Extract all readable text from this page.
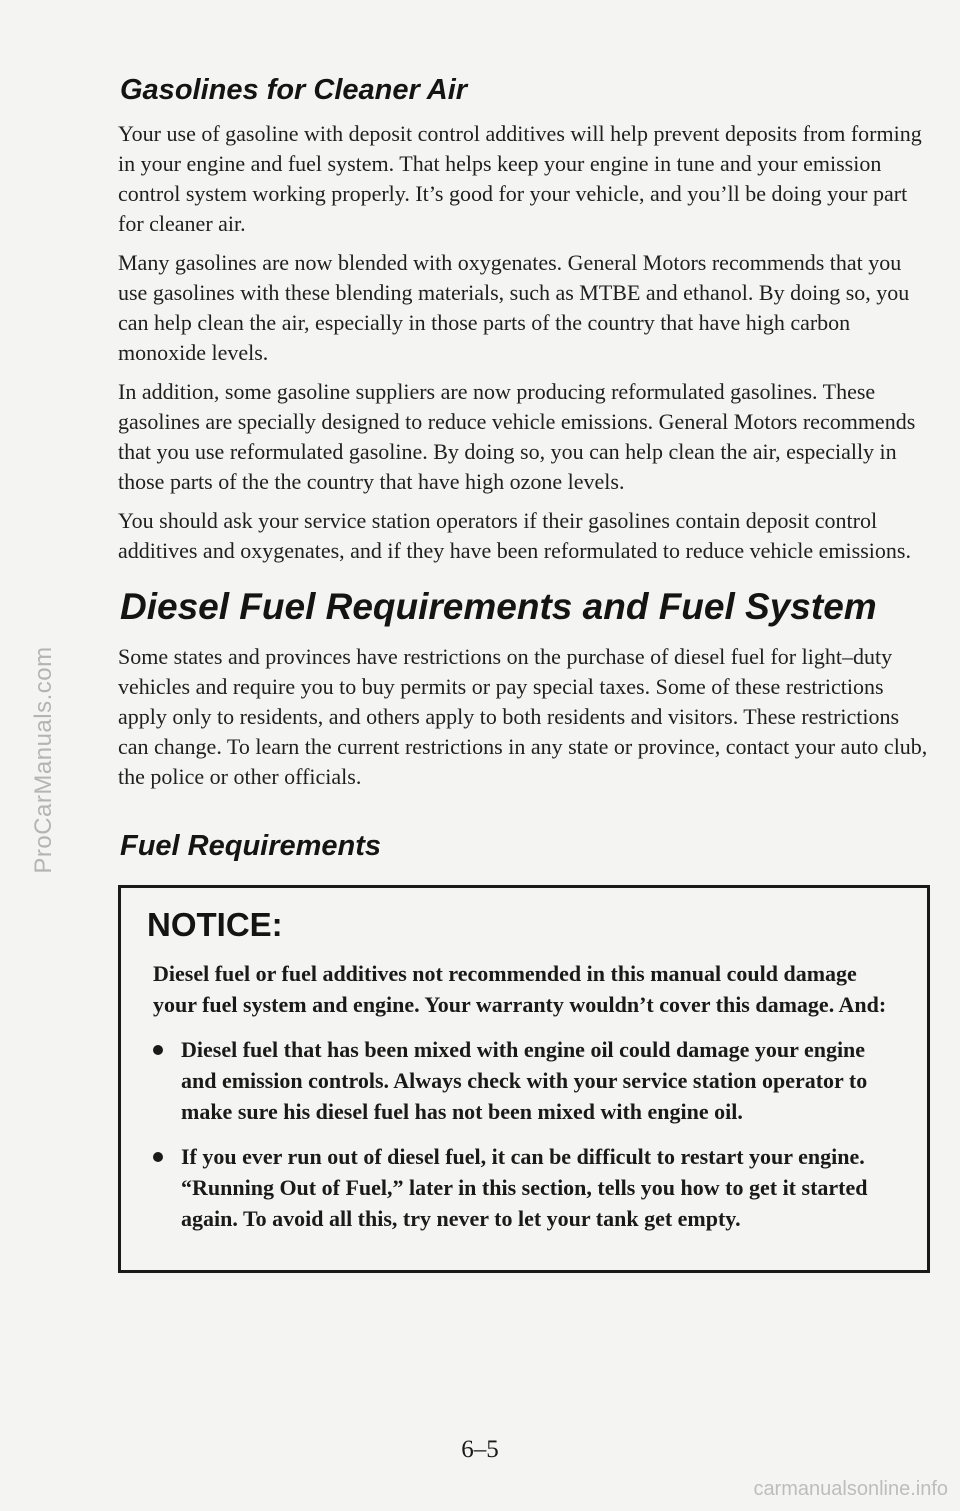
ProCarManuals.com
Gasolines for Cleaner Air

Your use of gasoline with deposit control additives will help prevent deposits from forming in your engine and fuel system. That helps keep your engine in tune and your emission control system working properly. It’s good for your vehicle, and you’ll be doing your part for cleaner air.

Many gasolines are now blended with oxygenates. General Motors recommends that you use gasolines with these blending materials, such as MTBE and ethanol. By doing so, you can help clean the air, especially in those parts of the country that have high carbon monoxide levels.

In addition, some gasoline suppliers are now producing reformulated gasolines. These gasolines are specially designed to reduce vehicle emissions. General Motors recommends that you use reformulated gasoline. By doing so, you can help clean the air, especially in those parts of the the country that have high ozone levels.

You should ask your service station operators if their gasolines contain deposit control additives and oxygenates, and if they have been reformulated to reduce vehicle emissions.

Diesel Fuel Requirements and Fuel System

Some states and provinces have restrictions on the purchase of diesel fuel for light–duty vehicles and require you to buy permits or pay special taxes. Some of these restrictions apply only to residents, and others apply to both residents and visitors. These restrictions can change. To learn the current restrictions in any state or province, contact your auto club, the police or other officials.

Fuel Requirements
NOTICE:

Diesel fuel or fuel additives not recommended in this manual could damage your fuel system and engine. Your warranty wouldn’t cover this damage. And:

Diesel fuel that has been mixed with engine oil could damage your engine and emission controls. Always check with your service station operator to make sure his diesel fuel has not been mixed with engine oil.
If you ever run out of diesel fuel, it can be difficult to restart your engine. “Running Out of Fuel,” later in this section, tells you how to get it started again. To avoid all this, try never to let your tank get empty.
6–5
carmanualsonline.info
